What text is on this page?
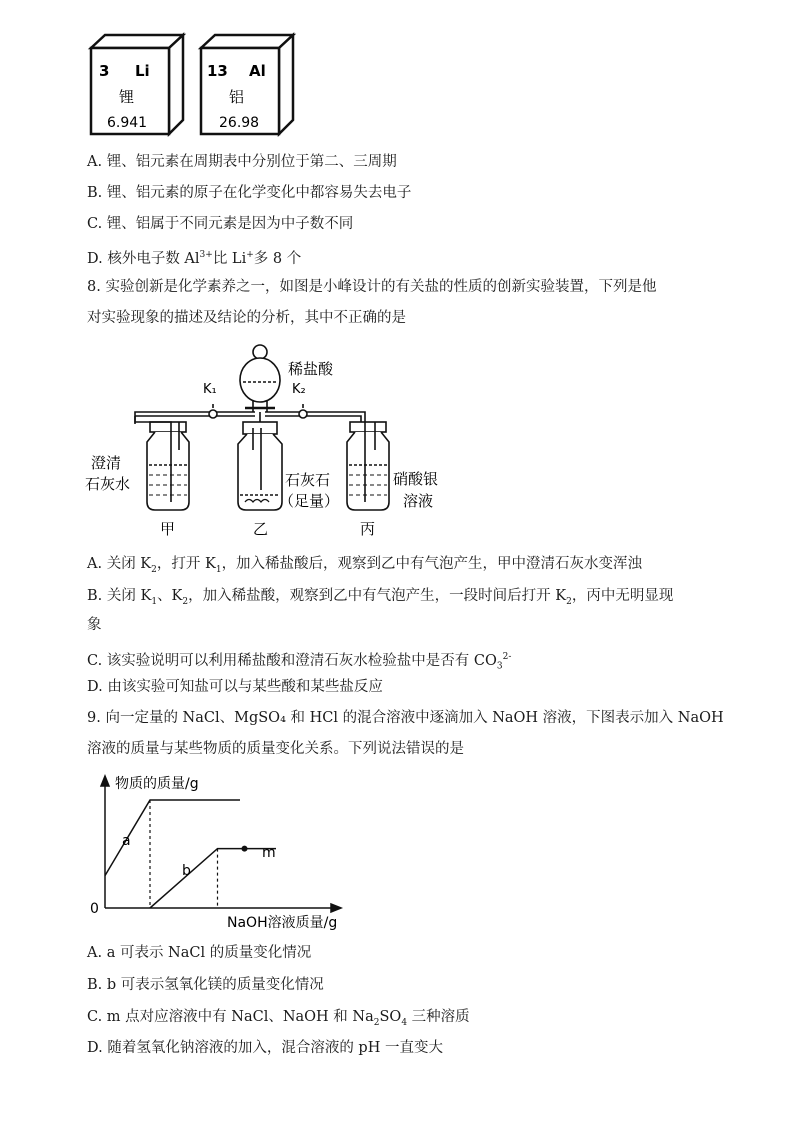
3 Li
锂
6.941
13 Al
铝
26.98
A. 锂、铝元素在周期表中分别位于第二、三周期
B. 锂、铝元素的原子在化学变化中都容易失去电子
C. 锂、铝属于不同元素是因为中子数不同
D. 核外电子数 $Al^{3+}$比 Li+多 8 个
8. 实验创新是化学素养之一，如图是小峰设计的有关盐的性质的创新实验装置，下列是他
对实验现象的描述及结论的分析，其中不正确的是
稀盐酸
K₁	K₂
澄清
石灰水	石灰石
（足量）
硝酸银
溶液
甲	乙	丙
A. 关闭 $K_2$，打开 $K_1$，加入稀盐酸后，观察到乙中有气泡产生，甲中澄清石灰水变浑浊
B. 关闭 $K_1$、$K_2$，加入稀盐酸，观察到乙中有气泡产生，一段时间后打开 $K_2$，丙中无明显现
象
C. 该实验说明可以利用稀盐酸和澄清石灰水检验盐中是否有 $CO_3^{2-}$
D. 由该实验可知盐可以与某些酸和某些盐反应
9. 向一定量的 NaCl、MgSO₄ 和 HCl 的混合溶液中逐滴加入 NaOH 溶液，下图表示加入 NaOH
溶液的质量与某些物质的质量变化关系。下列说法错误的是
物质的质量/g
NaOH溶液质量/g
0
a
b
m
A. a 可表示 NaCl 的质量变化情况
B. b 可表示氢氧化镁的质量变化情况
C. m 点对应溶液中有 NaCl、NaOH 和 $Na_2SO_4$ 三种溶质
D. 随着氢氧化钠溶液的加入，混合溶液的 pH 一直变大
